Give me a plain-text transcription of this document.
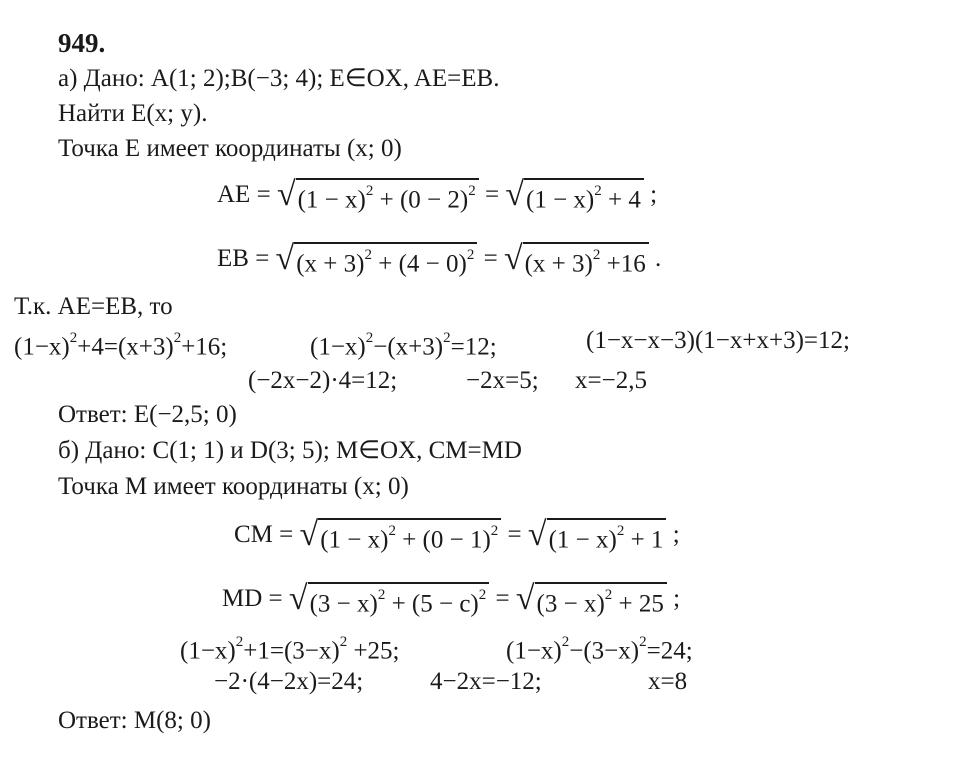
949.
а) Дано: A(1; 2);B(−3; 4); E∈OX, AE=EB.
Найти E(x; y).
Точка E имеет координаты (x; 0)
AE = $√(1 - x)^2 + (0 - 2)^2 = √(1 - x)^2 + 4$ ;
EB = $√(x + 3)^2 + (4 - 0)^2 = √(x + 3)^2 +16$ .
Т.к. AE=EB, то
$(1-x)^2+4=(x+3)^2+16$;	$(1-x)^2-(x+3)^2=12$;	(1−x−x−3)(1−x+x+3)=12;
(−2x−2)·4=12;	−2x=5; x=−2,5
Ответ: E(−2,5; 0)
б) Дано: C(1; 1) и D(3; 5); M∈OX, CM=MD
Точка M имеет координаты (x; 0)
CM = $√(1 - x)^2 + (0 - 1)^2 = √(1 - x)^2 + 1$ ;
MD = $√(3 - x)^2 + (5 - c)^2 = √(3 - x)^2 + 25$ ;
$(1-x)^2+1=(3-x)^2 +25$;	$(1-x)^2-(3-x)^2=24$;
−2·(4−2x)=24;	4−2x=−12;	x=8
Ответ: M(8; 0)
